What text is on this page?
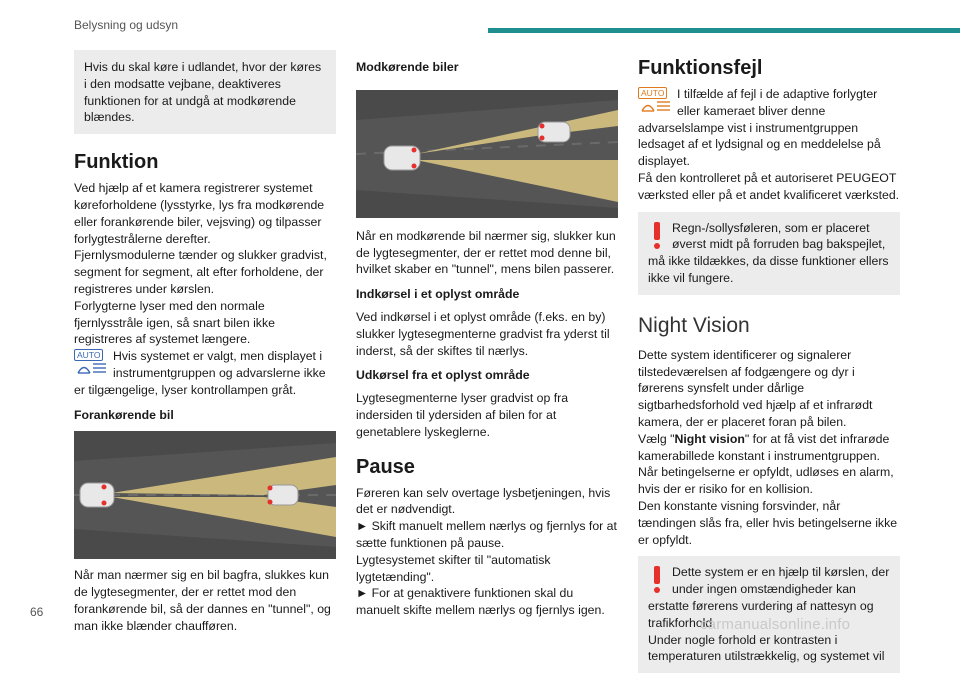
Belysning og udsyn
Hvis du skal køre i udlandet, hvor der køres i den modsatte vejbane, deaktiveres funktionen for at undgå at modkørende blændes.
Funktion

Ved hjælp af et kamera registrerer systemet køreforholdene (lysstyrke, lys fra modkørende eller forankørende biler, vejsving) og tilpasser forlygtestrålerne derefter.

Fjernlysmodulerne tænder og slukker gradvist, segment for segment, alt efter forholdene, der registreres under kørslen.

Forlygterne lyser med den normale fjernlysstråle igen, så snart bilen ikke registreres af systemet længere.

AUTO	Hvis systemet er valgt, men displayet i instrumentgruppen og advarslerne ikke er tilgængelige, lyser kontrollampen gråt.

Forankørende bil

Når man nærmer sig en bil bagfra, slukkes kun de lygtesegmenter, der er rettet mod den forankørende bil, så der dannes en "tunnel", og man ikke blænder chaufføren.

Modkørende biler

Når en modkørende bil nærmer sig, slukker kun de lygtesegmenter, der er rettet mod denne bil, hvilket skaber en "tunnel", mens bilen passerer.

Indkørsel i et oplyst område

Ved indkørsel i et oplyst område (f.eks. en by) slukker lygtesegmenterne gradvist fra yderst til inderst, så der skiftes til nærlys.

Udkørsel fra et oplyst område

Lygtesegmenterne lyser gradvist op fra indersiden til ydersiden af bilen for at genetablere lyskeglerne.

Pause

Føreren kan selv overtage lysbetjeningen, hvis det er nødvendigt.

► Skift manuelt mellem nærlys og fjernlys for at sætte funktionen på pause.

Lygtesystemet skifter til "automatisk lygtetænding".

► For at genaktivere funktionen skal du manuelt skifte mellem nærlys og fjernlys igen.

Funktionsfejl
AUTO	I tilfælde af fejl i de adaptive forlygter eller kameraet bliver denne advarselslampe vist i instrumentgruppen ledsaget af et lydsignal og en meddelelse på displayet.

Få den kontrolleret på et autoriseret PEUGEOT værksted eller på et andet kvalificeret værksted.

Regn-/sollysføleren, som er placeret øverst midt på forruden bag bakspejlet, må ikke tildækkes, da disse funktioner ellers ikke vil fungere.

Night Vision

Dette system identificerer og signalerer tilstedeværelsen af fodgængere og dyr i førerens synsfelt under dårlige sigtbarhedsforhold ved hjælp af et infrarødt kamera, der er placeret foran på bilen.

Vælg "Night vision" for at få vist det infrarøde kamerabillede konstant i instrumentgruppen. Når betingelserne er opfyldt, udløses en alarm, hvis der er risiko for en kollision.

Den konstante visning forsvinder, når tændingen slås fra, eller hvis betingelserne ikke er opfyldt.

Dette system er en hjælp til kørslen, der under ingen omstændigheder kan erstatte førerens vurdering af nattesyn og trafikforhold.

Under nogle forhold er kontrasten i temperaturen utilstrækkelig, og systemet vil

66
carmanualsonline.info
